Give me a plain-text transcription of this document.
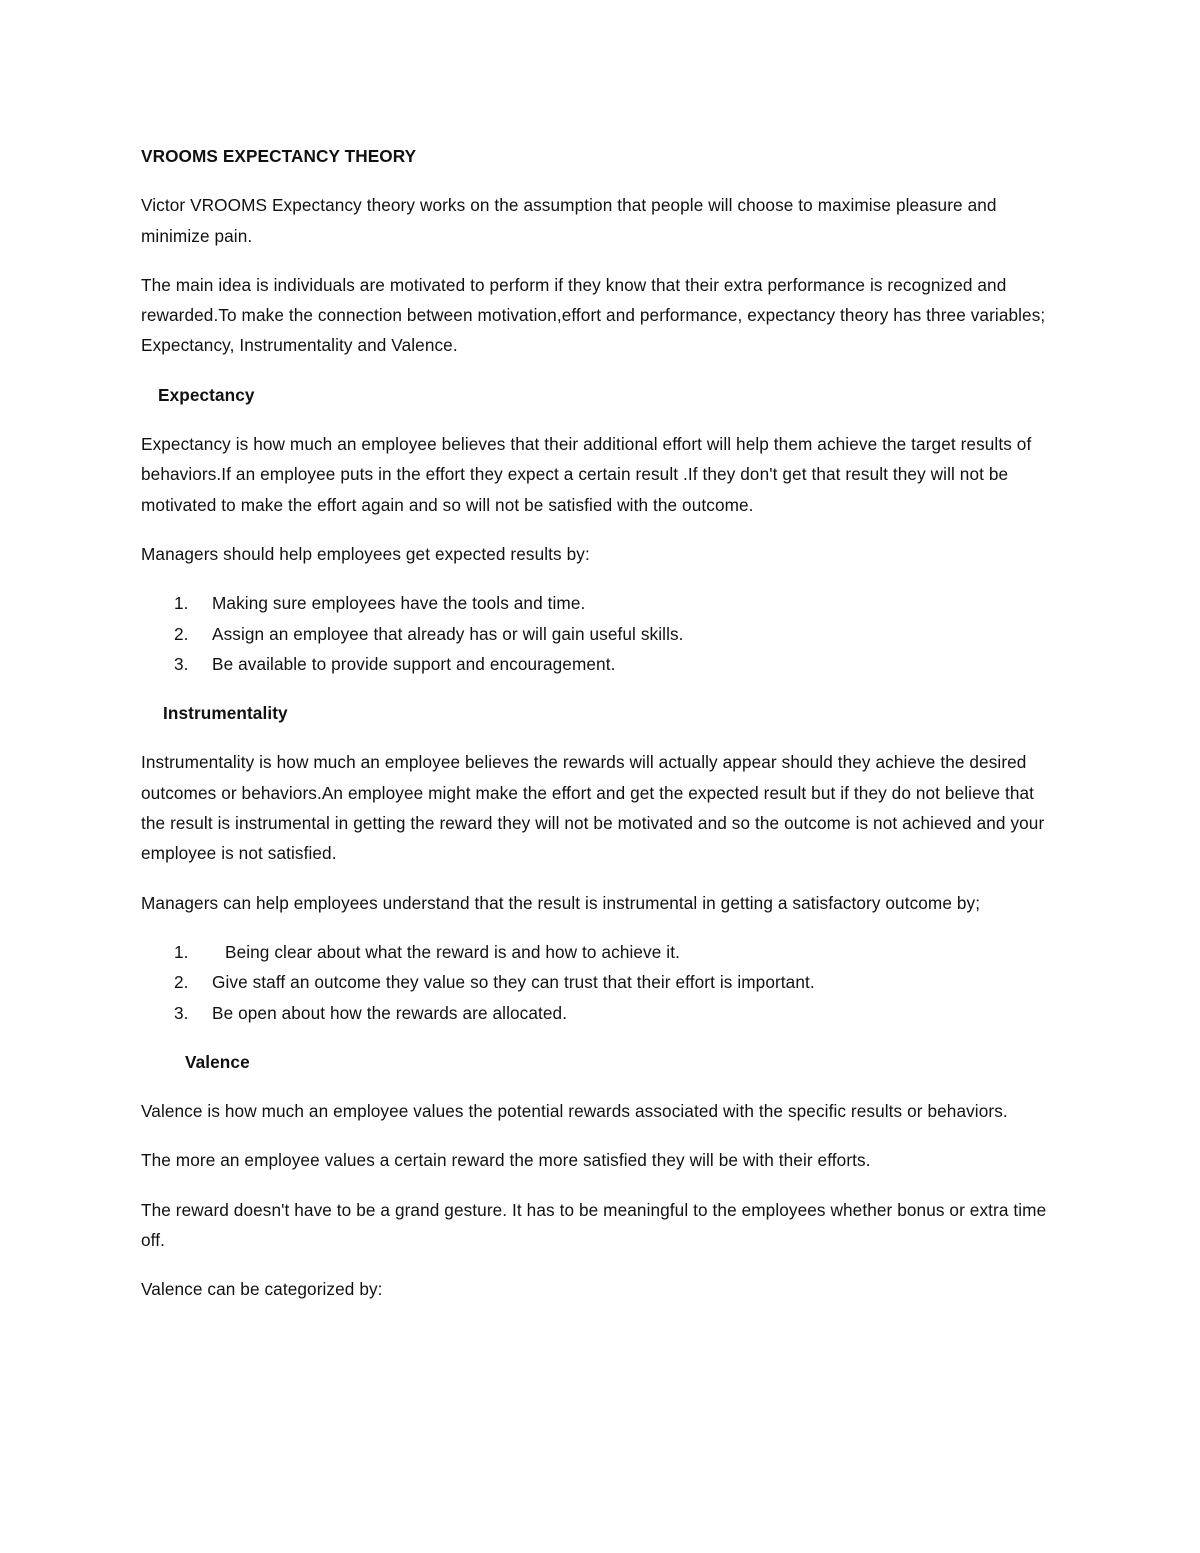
VROOMS EXPECTANCY THEORY

Victor VROOMS Expectancy theory works on the assumption that people will choose to maximise pleasure and minimize pain.

The main idea is individuals are motivated to perform if they know that their extra performance is recognized and rewarded.To make the connection between motivation,effort and performance, expectancy theory has three variables; Expectancy, Instrumentality and Valence.

Expectancy

Expectancy is how much an employee believes that their additional effort will help them achieve the target results of behaviors.If an employee puts in the effort they expect a certain result .If they don't get that result they will not be motivated to make the effort again and so will not be satisfied with the outcome.

Managers should help employees get expected results by:

1. Making sure employees have the tools and time.
2. Assign an employee that already has or will gain useful skills.
3. Be available to provide support and encouragement.
Instrumentality

Instrumentality is how much an employee believes the rewards will actually appear should they achieve the desired outcomes or behaviors.An employee might make the effort and get the expected result but if they do not believe that the result is instrumental in getting the reward they will not be motivated and so the outcome is not achieved and your employee is not satisfied.

Managers can help employees understand that the result is instrumental in getting a satisfactory outcome by;

1. Being clear about what the reward is and how to achieve it.
2. Give staff an outcome they value so they can trust that their effort is important.
3. Be open about how the rewards are allocated.
Valence

Valence is how much an employee values the potential rewards associated with the specific results or behaviors.

The more an employee values a certain reward the more satisfied they will be with their efforts.

The reward doesn't have to be a grand gesture. It has to be meaningful to the employees whether bonus or extra time off.

Valence can be categorized by:
